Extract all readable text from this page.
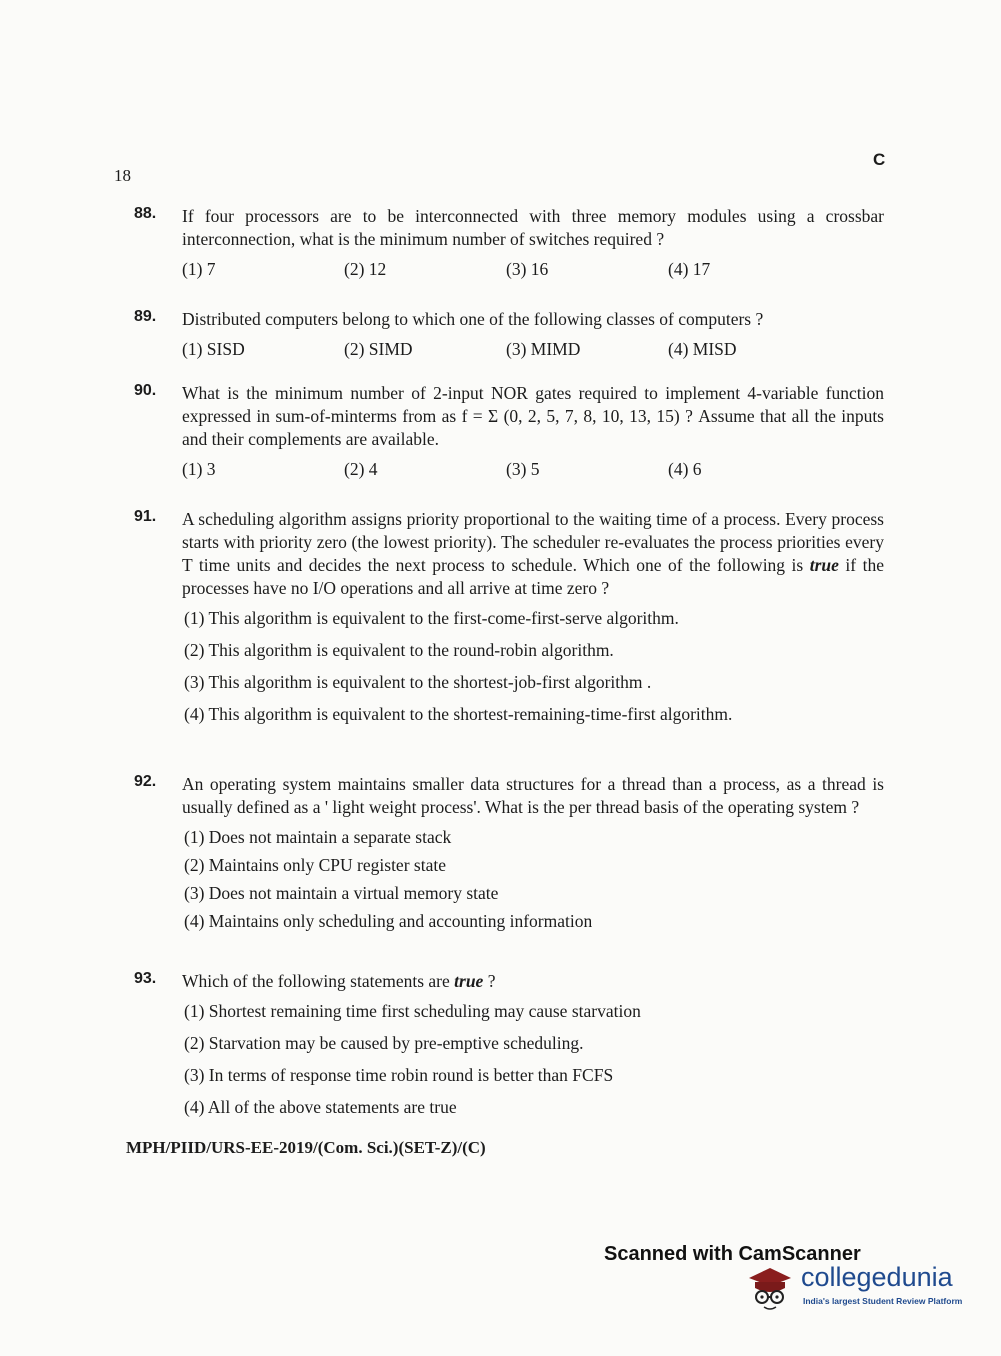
18
C
88. If four processors are to be interconnected with three memory modules using a crossbar interconnection, what is the minimum number of switches required ?
(1) 7	(2) 12	(3) 16	(4) 17
89. Distributed computers belong to which one of the following classes of computers ?
(1) SISD	(2) SIMD	(3) MIMD	(4) MISD
90. What is the minimum number of 2-input NOR gates required to implement 4-variable function expressed in sum-of-minterms from as f = Σ (0, 2, 5, 7, 8, 10, 13, 15) ? Assume that all the inputs and their complements are available.
(1) 3	(2) 4	(3) 5	(4) 6
91. A scheduling algorithm assigns priority proportional to the waiting time of a process. Every process starts with priority zero (the lowest priority). The scheduler re-evaluates the process priorities every T time units and decides the next process to schedule. Which one of the following is true if the processes have no I/O operations and all arrive at time zero ?
(1) This algorithm is equivalent to the first-come-first-serve algorithm.
(2) This algorithm is equivalent to the round-robin algorithm.
(3) This algorithm is equivalent to the shortest-job-first algorithm .
(4) This algorithm is equivalent to the shortest-remaining-time-first algorithm.
92. An operating system maintains smaller data structures for a thread than a process, as a thread is usually defined as a ' light weight process'. What is the per thread basis of the operating system ?
(1) Does not maintain a separate stack
(2) Maintains only CPU register state
(3) Does not maintain a virtual memory state
(4) Maintains only scheduling and accounting information
93. Which of the following statements are true ?
(1) Shortest remaining time first scheduling may cause starvation
(2) Starvation may be caused by pre-emptive scheduling.
(3) In terms of response time robin round is better than FCFS
(4) All of the above statements are true
MPH/PIID/URS-EE-2019/(Com. Sci.)(SET-Z)/(C)
Scanned with CamScanner
collegedunia
India's largest Student Review Platform
